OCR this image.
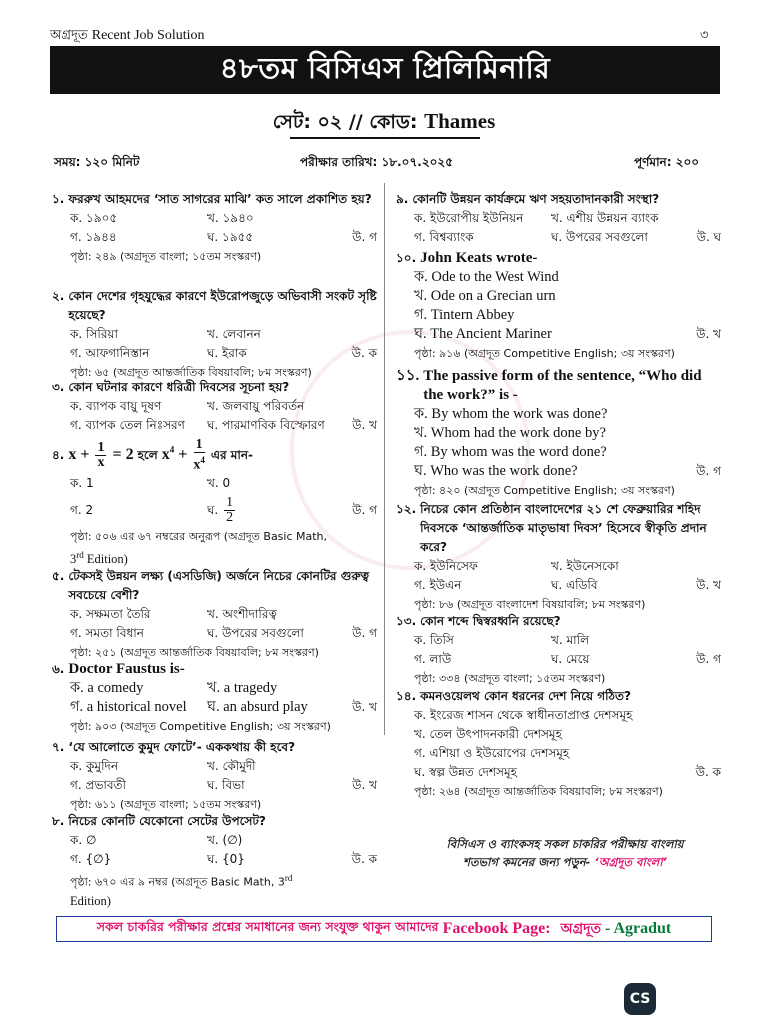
অগ্রদূত Recent Job Solution	৩
৪৮তম বিসিএস প্রিলিমিনারি
সেট: ০২ // কোড: Thames
সময়: ১২০ মিনিট	পরীক্ষার তারিখ: ১৮.০৭.২০২৫	পূর্ণমান: ২০০
১. ফররুখ আহমদের ‘সাত সাগরের মাঝি’ কত সালে প্রকাশিত হয়?
ক. ১৯০৫	খ. ১৯৪০
গ. ১৯৪৪	ঘ. ১৯৫৫	উ. গ
পৃষ্ঠা: ২৪৯ (অগ্রদূত বাংলা; ১৫তম সংস্করণ)
২. কোন দেশের গৃহযুদ্ধের কারণে ইউরোপজুড়ে অভিবাসী সংকট সৃষ্টি হয়েছে?
ক. সিরিয়া	খ. লেবানন
গ. আফগানিস্তান	ঘ. ইরাক	উ. ক
পৃষ্ঠা: ৬৫ (অগ্রদূত আন্তর্জাতিক বিষয়াবলি; ৮ম সংস্করণ)
৩. কোন ঘটনার কারণে ধরিত্রী দিবসের সূচনা হয়?
ক. ব্যাপক বায়ু দূষণ	খ. জলবায়ু পরিবর্তন
গ. ব্যাপক তেল নিঃসরণ	ঘ. পারমাণবিক বিস্ফোরণ	উ. খ
৪. $x + \frac{1}{x} = 2$ হলে $x^4 + \frac{1}{x^4}$ এর মান-
ক. 1	খ. 0
গ. 2	ঘ. $\frac{1}{2}$	উ. গ
পৃষ্ঠা: ৫০৬ এর ৬৭ নম্বরের অনুরূপ (অগ্রদূত Basic Math,
3rd Edition)
৫. টেকসই উন্নয়ন লক্ষ্য (এসডিজি) অর্জনে নিচের কোনটির গুরুত্ব সবচেয়ে বেশী?
ক. সক্ষমতা তৈরি	খ. অংশীদারিত্ব
গ. সমতা বিধান	ঘ. উপরের সবগুলো	উ. গ
পৃষ্ঠা: ২৫১ (অগ্রদূত আন্তর্জাতিক বিষয়াবলি; ৮ম সংস্করণ)
৬. Doctor Faustus is-
ক. a comedy	খ. a tragedy
গ. a historical novel	ঘ. an absurd play	উ. খ
পৃষ্ঠা: ৯০৩ (অগ্রদূত Competitive English; ৩য় সংস্করণ)
৭. ‘যে আলোতে কুমুদ ফোটে’- এককথায় কী হবে?
ক. কুমুদিন	খ. কৌমুদী
গ. প্রভাবতী	ঘ. বিভা	উ. খ
পৃষ্ঠা: ৬১১ (অগ্রদূত বাংলা; ১৫তম সংস্করণ)
৮. নিচের কোনটি যেকোনো সেটের উপসেট?
ক. ∅	খ. (∅)
গ. {∅}	ঘ. {0}	উ. ক
পৃষ্ঠা: ৬৭০ এর ৯ নম্বর (অগ্রদূত Basic Math, 3rd
Edition)
৯. কোনটি উন্নয়ন কার্যক্রমে ঋণ সহয়তাদানকারী সংস্থা?
ক. ইউরোপীয় ইউনিয়ন	খ. এশীয় উন্নয়ন ব্যাংক
গ. বিশ্বব্যাংক	ঘ. উপরের সবগুলো	উ. ঘ
১০. John Keats wrote-
ক. Ode to the West Wind
খ. Ode on a Grecian urn
গ. Tintern Abbey
ঘ. The Ancient Mariner	উ. খ
পৃষ্ঠা: ৯১৬ (অগ্রদূত Competitive English; ৩য় সংস্করণ)
১১. The passive form of the sentence, “Who did the work?” is -
ক. By whom the work was done?
খ. Whom had the work done by?
গ. By whom was the word done?
ঘ. Who was the work done?	উ. গ
পৃষ্ঠা: ৪২০ (অগ্রদূত Competitive English; ৩য় সংস্করণ)
১২. নিচের কোন প্রতিষ্ঠান বাংলাদেশের ২১ শে ফেব্রুয়ারির শহিদ দিবসকে ‘আন্তর্জাতিক মাতৃভাষা দিবস’ হিসেবে স্বীকৃতি প্রদান করে?
ক. ইউনিসেফ	খ. ইউনেসকো
গ. ইউএন	ঘ. এডিবি	উ. খ
পৃষ্ঠা: ৮৬ (অগ্রদূত বাংলাদেশ বিষয়াবলি; ৮ম সংস্করণ)
১৩. কোন শব্দে দ্বিস্বরধ্বনি রয়েছে?
ক. তিসি	খ. মালি
গ. লাউ	ঘ. মেয়ে	উ. গ
পৃষ্ঠা: ৩৩৪ (অগ্রদূত বাংলা; ১৫তম সংস্করণ)
১৪. কমনওয়েলথ কোন ধরনের দেশ নিয়ে গঠিত?
ক. ইংরেজ শাসন থেকে স্বাধীনতাপ্রাপ্ত দেশসমূহ
খ. তেল উৎপাদনকারী দেশসমূহ
গ. এশিয়া ও ইউরোপের দেশসমূহ
ঘ. স্বল্প উন্নত দেশসমূহ	উ. ক
পৃষ্ঠা: ২৬৪ (অগ্রদূত আন্তর্জাতিক বিষয়াবলি; ৮ম সংস্করণ)
বিসিএস ও ব্যাংকসহ সকল চাকরির পরীক্ষায় বাংলায়
শতভাগ কমনের জন্য পড়ুন- ‘অগ্রদূত বাংলা’
সকল চাকরির পরীক্ষার প্রশ্নের সমাধানের জন্য সংযুক্ত থাকুন আমাদের Facebook Page: অগ্রদূত - Agradut
CS
